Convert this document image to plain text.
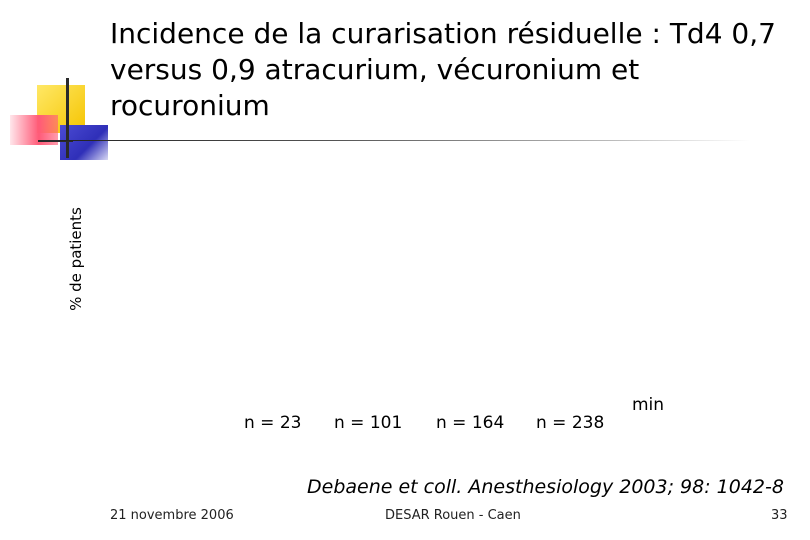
Incidence de la curarisation résiduelle : Td4 0,7 versus 0,9 atracurium, vécuronium et rocuronium
% de patients
n = 23 n = 101 n = 164 n = 238
min
Debaene et coll. Anesthesiology 2003; 98: 1042-8
21 novembre 2006	DESAR Rouen - Caen	33
